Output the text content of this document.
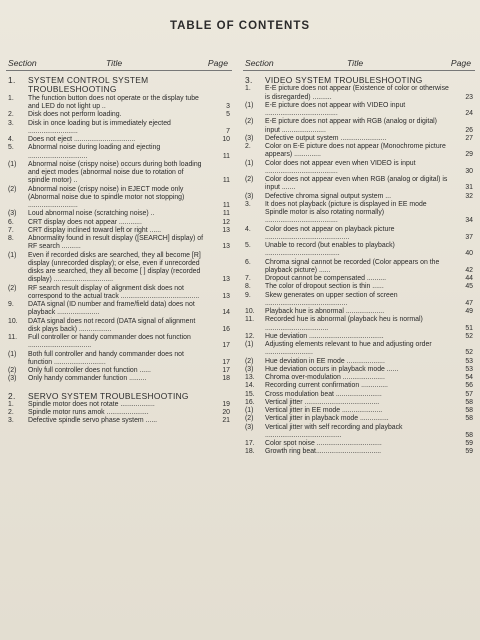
TABLE OF CONTENTS
Section	Title	Page
1. SYSTEM CONTROL SYSTEM TROUBLESHOOTING
1. The function button does not operate or the display tube and LED do not light up ..	3
2. Disk does not perform loading.	5
3. Disk in once loading but is immediately ejected ..........................	7
4. Does not eject ................................	10
5. Abnormal noise during loading and ejecting ...............................	11
(1) Abnormal noise (crispy noise) occurs during both loading and eject modes (abnormal noise due to rotation of spindle motor) ..	11
(2) Abnormal noise (crispy noise) in EJECT mode only (Abnormal noise due to spindle motor not stopping) ..........................	11
(3) Loud abnormal noise (scratching noise) ..	11
6. CRT display does not appear ............	12
7. CRT display inclined toward left or right ......	13
8. Abnormality found in result display ([SEARCH] display) of RF search ..........	13
(1) Even if recorded disks are searched, they all become [R] display (unrecorded display); or else, even if unrecorded disks are searched, they all become [ ] display (recorded display) ...............................	13
(2) RF search result display of alignment disk does not correspond to the actual track .........................................	13
9. DATA signal (ID number and frame/field data) does not playback ......................	14
10. DATA signal does not record (DATA signal of alignment disk plays back) .................	16
11. Full controller or handy commander does not function .................................	17
(1) Both full controller and handy commander does not function ...........................	17
(2) Only full controller does not function ......	17
(3) Only handy commander function .........	18
2. SERVO SYSTEM TROUBLESHOOTING
1. Spindle motor does not rotate ..................	19
2. Spindle motor runs amok ......................	20
3. Defective spindle servo phase system ......	21
Section	Title	Page
3. VIDEO SYSTEM TROUBLESHOOTING
1. E-E picture does not appear (Existence of color or otherwise is disregarded) ..........	23
(1) E-E picture does not appear with VIDEO input ......................................	24
(2) E-E picture does not appear with RGB (analog or digital) input .......................	26
(3) Defective output system ........................	27
2. Color on E-E picture does not appear (Monochrome picture appears) ..............	29
(1) Color does not appear even when VIDEO is input ......................................	30
(2) Color does not appear even when RGB (analog or digital) is input .......	31
(3) Defective chroma signal output system ...	32
3. It does not playback (picture is displayed in EE mode Spindle motor is also rotating normally) ......................................	34
4. Color does not appear on playback picture ............................................	37
5. Unable to record (but enables to playback) .......................................	40
6. Chroma signal cannot be recorded (Color appears on the playback picture) ......	42
7. Dropout cannot be compensated ..........	44
8. The color of dropout section is thin ......	45
9. Skew generates on upper section of screen ...........................................	47
10. Playback hue is abnormal ....................	49
11. Recorded hue is abnormal (playback heu is normal) .................................	51
12. Hue deviation .......................................	52
(1) Adjusting elements relevant to hue and adjusting order .........................	52
(2) Hue deviation in EE mode ....................	53
(3) Hue deviation occurs in playback mode ......	53
13. Chroma over-modulation ......................	54
14. Recording current confirmation ..............	56
15. Cross modulation beat ........................	57
16. Vertical jitter .......................................	58
(1) Vertical jitter in EE mode .....................	58
(2) Vertical jitter in playback mode ...............	58
(3) Vertical jitter with self recording and playback ........................................	58
17. Color spot noise ..................................	59
18. Growth ring beat..................................	59
